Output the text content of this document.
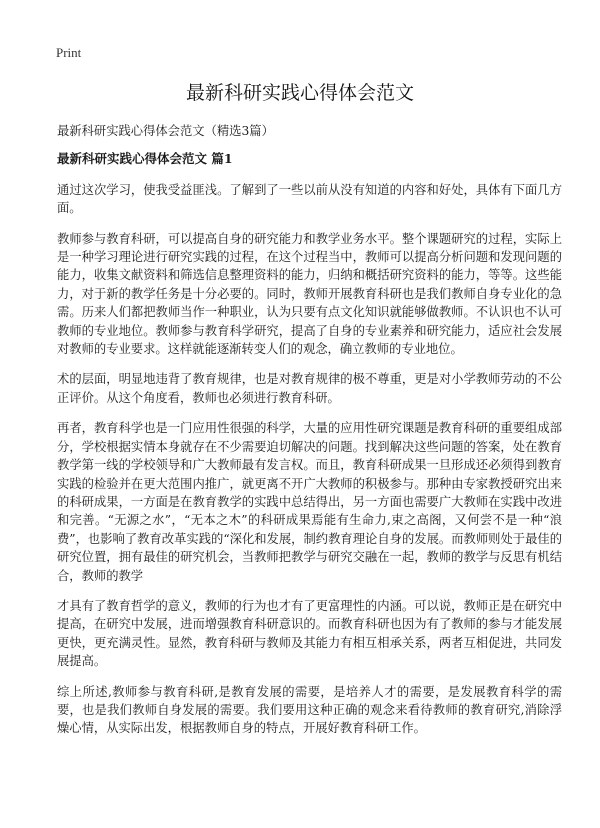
Print
最新科研实践心得体会范文

最新科研实践心得体会范文（精选3篇）

最新科研实践心得体会范文 篇1

通过这次学习，使我受益匪浅。了解到了一些以前从没有知道的内容和好处，具体有下面几方面。

教师参与教育科研，可以提高自身的研究能力和教学业务水平。整个课题研究的过程，实际上是一种学习理论进行研究实践的过程，在这个过程当中，教师可以提高分析问题和发现问题的能力，收集文献资料和筛选信息整理资料的能力，归纳和概括研究资料的能力，等等。这些能力，对于新的教学任务是十分必要的。同时，教师开展教育科研也是我们教师自身专业化的急需。历来人们都把教师当作一种职业，认为只要有点文化知识就能够做教师。不认识也不认可教师的专业地位。教师参与教育科学研究，提高了自身的专业素养和研究能力，适应社会发展对教师的专业要求。这样就能逐渐转变人们的观念，确立教师的专业地位。

术的层面，明显地违背了教育规律，也是对教育规律的极不尊重，更是对小学教师劳动的不公正评价。从这个角度看，教师也必须进行教育科研。

再者，教育科学也是一门应用性很强的科学，大量的应用性研究课题是教育科研的重要组成部分，学校根据实情本身就存在不少需要迫切解决的问题。找到解决这些问题的答案，处在教育教学第一线的学校领导和广大教师最有发言权。而且，教育科研成果一旦形成还必须得到教育实践的检验并在更大范围内推广，就更离不开广大教师的积极参与。那种由专家教授研究出来的科研成果，一方面是在教育教学的实践中总结得出，另一方面也需要广大教师在实践中改进和完善。“无源之水”，“无本之木”的科研成果焉能有生命力,束之高阁，又何尝不是一种“浪费”，也影响了教育改革实践的“深化和发展，制约教育理论自身的发展。而教师则处于最佳的研究位置，拥有最佳的研究机会，当教师把教学与研究交融在一起，教师的教学与反思有机结合，教师的教学

才具有了教育哲学的意义，教师的行为也才有了更富理性的内涵。可以说，教师正是在研究中提高，在研究中发展，进而增强教育科研意识的。而教育科研也因为有了教师的参与才能发展更快，更充满灵性。显然，教育科研与教师及其能力有相互相承关系，两者互相促进，共同发展提高。

综上所述,教师参与教育科研,是教育发展的需要，是培养人才的需要，是发展教育科学的需要，也是我们教师自身发展的需要。我们要用这种正确的观念来看待教师的教育研究,消除浮燥心情，从实际出发，根据教师自身的特点，开展好教育科研工作。
